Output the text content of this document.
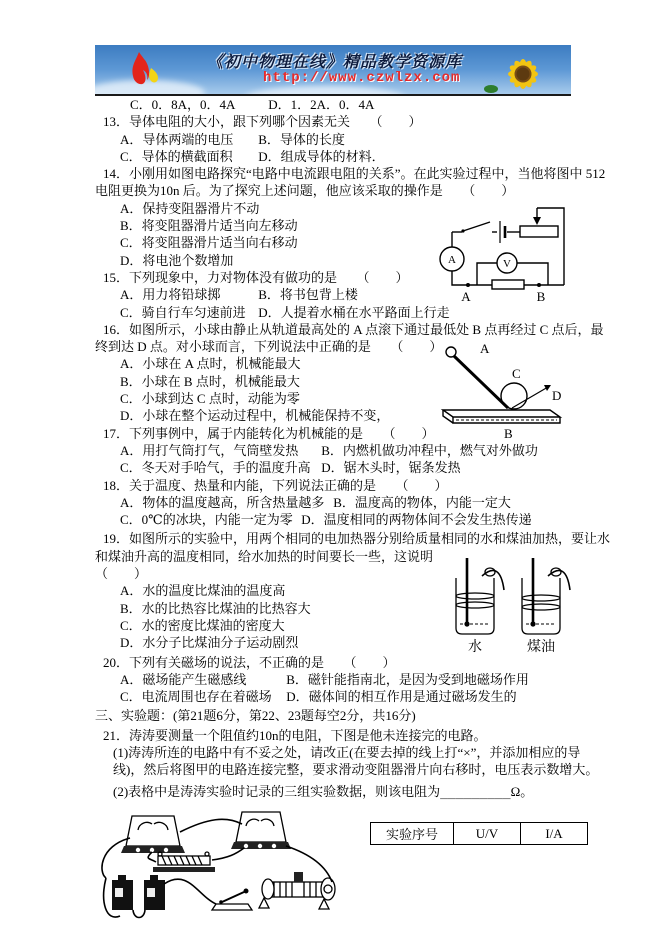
《初中物理在线》精品教学资源库
http://www.czwlzx.com
C．0．8A，0．4A	D．1．2A．0．4A
13．导体电阻的大小，跟下列哪个因素无关　　（　　）
A．导体两端的电压 B．导体的长度
C．导体的横截面积 D．组成导体的材料．
14．小刚用如图电路探究“电路中电流跟电阻的关系”。在此实验过程中，当他将图中 512
电阻更换为10n 后。为了探究上述问题，他应该采取的操作是　　（　　）
A．保持变阻器滑片不动
B．将变阻器滑片适当向左移动
C．将变阻器滑片适当向右移动
D．将电池个数增加
15．下列现象中，力对物体没有做功的是　　（　　）
A．用力将铅球掷	B．将书包背上楼
C．骑自行车匀速前进 D．人提着水桶在水平路面上行走
16．如图所示，小球由静止从轨道最高处的 A 点滚下通过最低处 B 点再经过 C 点后，最
终到达 D 点。对小球而言，下列说法中正确的是　　（　　）
A．小球在 A 点时，机械能最大
B．小球在 B 点时，机械能最大
C．小球到达 C 点时，动能为零
D．小球在整个运动过程中，机械能保持不变，
17．下列事例中，属于内能转化为机械能的是　　（　　）
A．用打气筒打气，气筒壁发热 B．内燃机做功冲程中，燃气对外做功
C．冬天对手哈气，手的温度升高 D．锯木头时，锯条发热
18．关于温度、热量和内能，下列说法正确的是　　（　　）
A．物体的温度越高，所含热量越多 B．温度高的物体，内能一定大
C．0℃的冰块，内能一定为零 D．温度相同的两物体间不会发生热传递
19．如图所示的实验中，用两个相同的电加热器分别给质量相同的水和煤油加热，要让水
和煤油升高的温度相同，给水加热的时间要长一些，这说明
（　　）
A．水的温度比煤油的温度高
B．水的比热容比煤油的比热容大
C．水的密度比煤油的密度大
D．水分子比煤油分子运动剧烈
20．下列有关磁场的说法，不正确的是　　（　　）
A．磁场能产生磁感线	B．磁针能指南北，是因为受到地磁场作用
C．电流周围也存在着磁场 D．磁体间的相互作用是通过磁场发生的
三、实验题：(第21题6分，第22、23题每空2分，共16分)
21．涛涛要测量一个阻值约10n的电阻，下图是他未连接完的电路。
(1)涛涛所连的电路中有不妥之处，请改正(在要去掉的线上打“×”，并添加相应的导
线)，然后将图甲的电路连接完整，要求滑动变阻器滑片向右移时，电压表示数增大。
(2)表格中是涛涛实验时记录的三组实验数据，则该电阻为_________Ω。
A	V
A	B
A
C
D
B
水	煤油
实验序号	U/V	I/A
